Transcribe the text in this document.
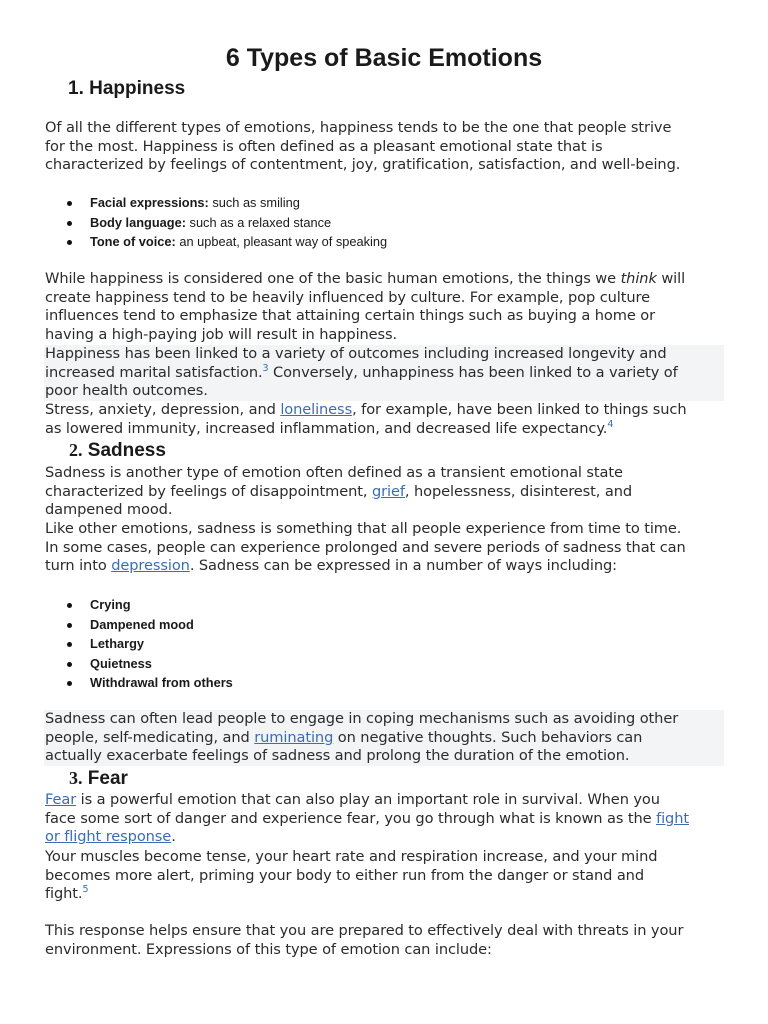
6 Types of Basic Emotions
1. Happiness
Of all the different types of emotions, happiness tends to be the one that people strive
for the most. Happiness is often defined as a pleasant emotional state that is
characterized by feelings of contentment, joy, gratification, satisfaction, and well-being.
Facial expressions: such as smiling
Body language: such as a relaxed stance
Tone of voice: an upbeat, pleasant way of speaking
While happiness is considered one of the basic human emotions, the things we think will
create happiness tend to be heavily influenced by culture. For example, pop culture
influences tend to emphasize that attaining certain things such as buying a home or
having a high-paying job will result in happiness.
Happiness has been linked to a variety of outcomes including increased longevity and
increased marital satisfaction.$^3$ Conversely, unhappiness has been linked to a variety of
poor health outcomes.
Stress, anxiety, depression, and loneliness, for example, have been linked to things such
as lowered immunity, increased inflammation, and decreased life expectancy.$^4$
2. Sadness
Sadness is another type of emotion often defined as a transient emotional state
characterized by feelings of disappointment, grief, hopelessness, disinterest, and
dampened mood.
Like other emotions, sadness is something that all people experience from time to time.
In some cases, people can experience prolonged and severe periods of sadness that can
turn into depression. Sadness can be expressed in a number of ways including:
Crying
Dampened mood
Lethargy
Quietness
Withdrawal from others
Sadness can often lead people to engage in coping mechanisms such as avoiding other
people, self-medicating, and ruminating on negative thoughts. Such behaviors can
actually exacerbate feelings of sadness and prolong the duration of the emotion.
3. Fear
Fear is a powerful emotion that can also play an important role in survival. When you
face some sort of danger and experience fear, you go through what is known as the fight
or flight response.
Your muscles become tense, your heart rate and respiration increase, and your mind
becomes more alert, priming your body to either run from the danger or stand and
fight.$^5$
This response helps ensure that you are prepared to effectively deal with threats in your
environment. Expressions of this type of emotion can include:
